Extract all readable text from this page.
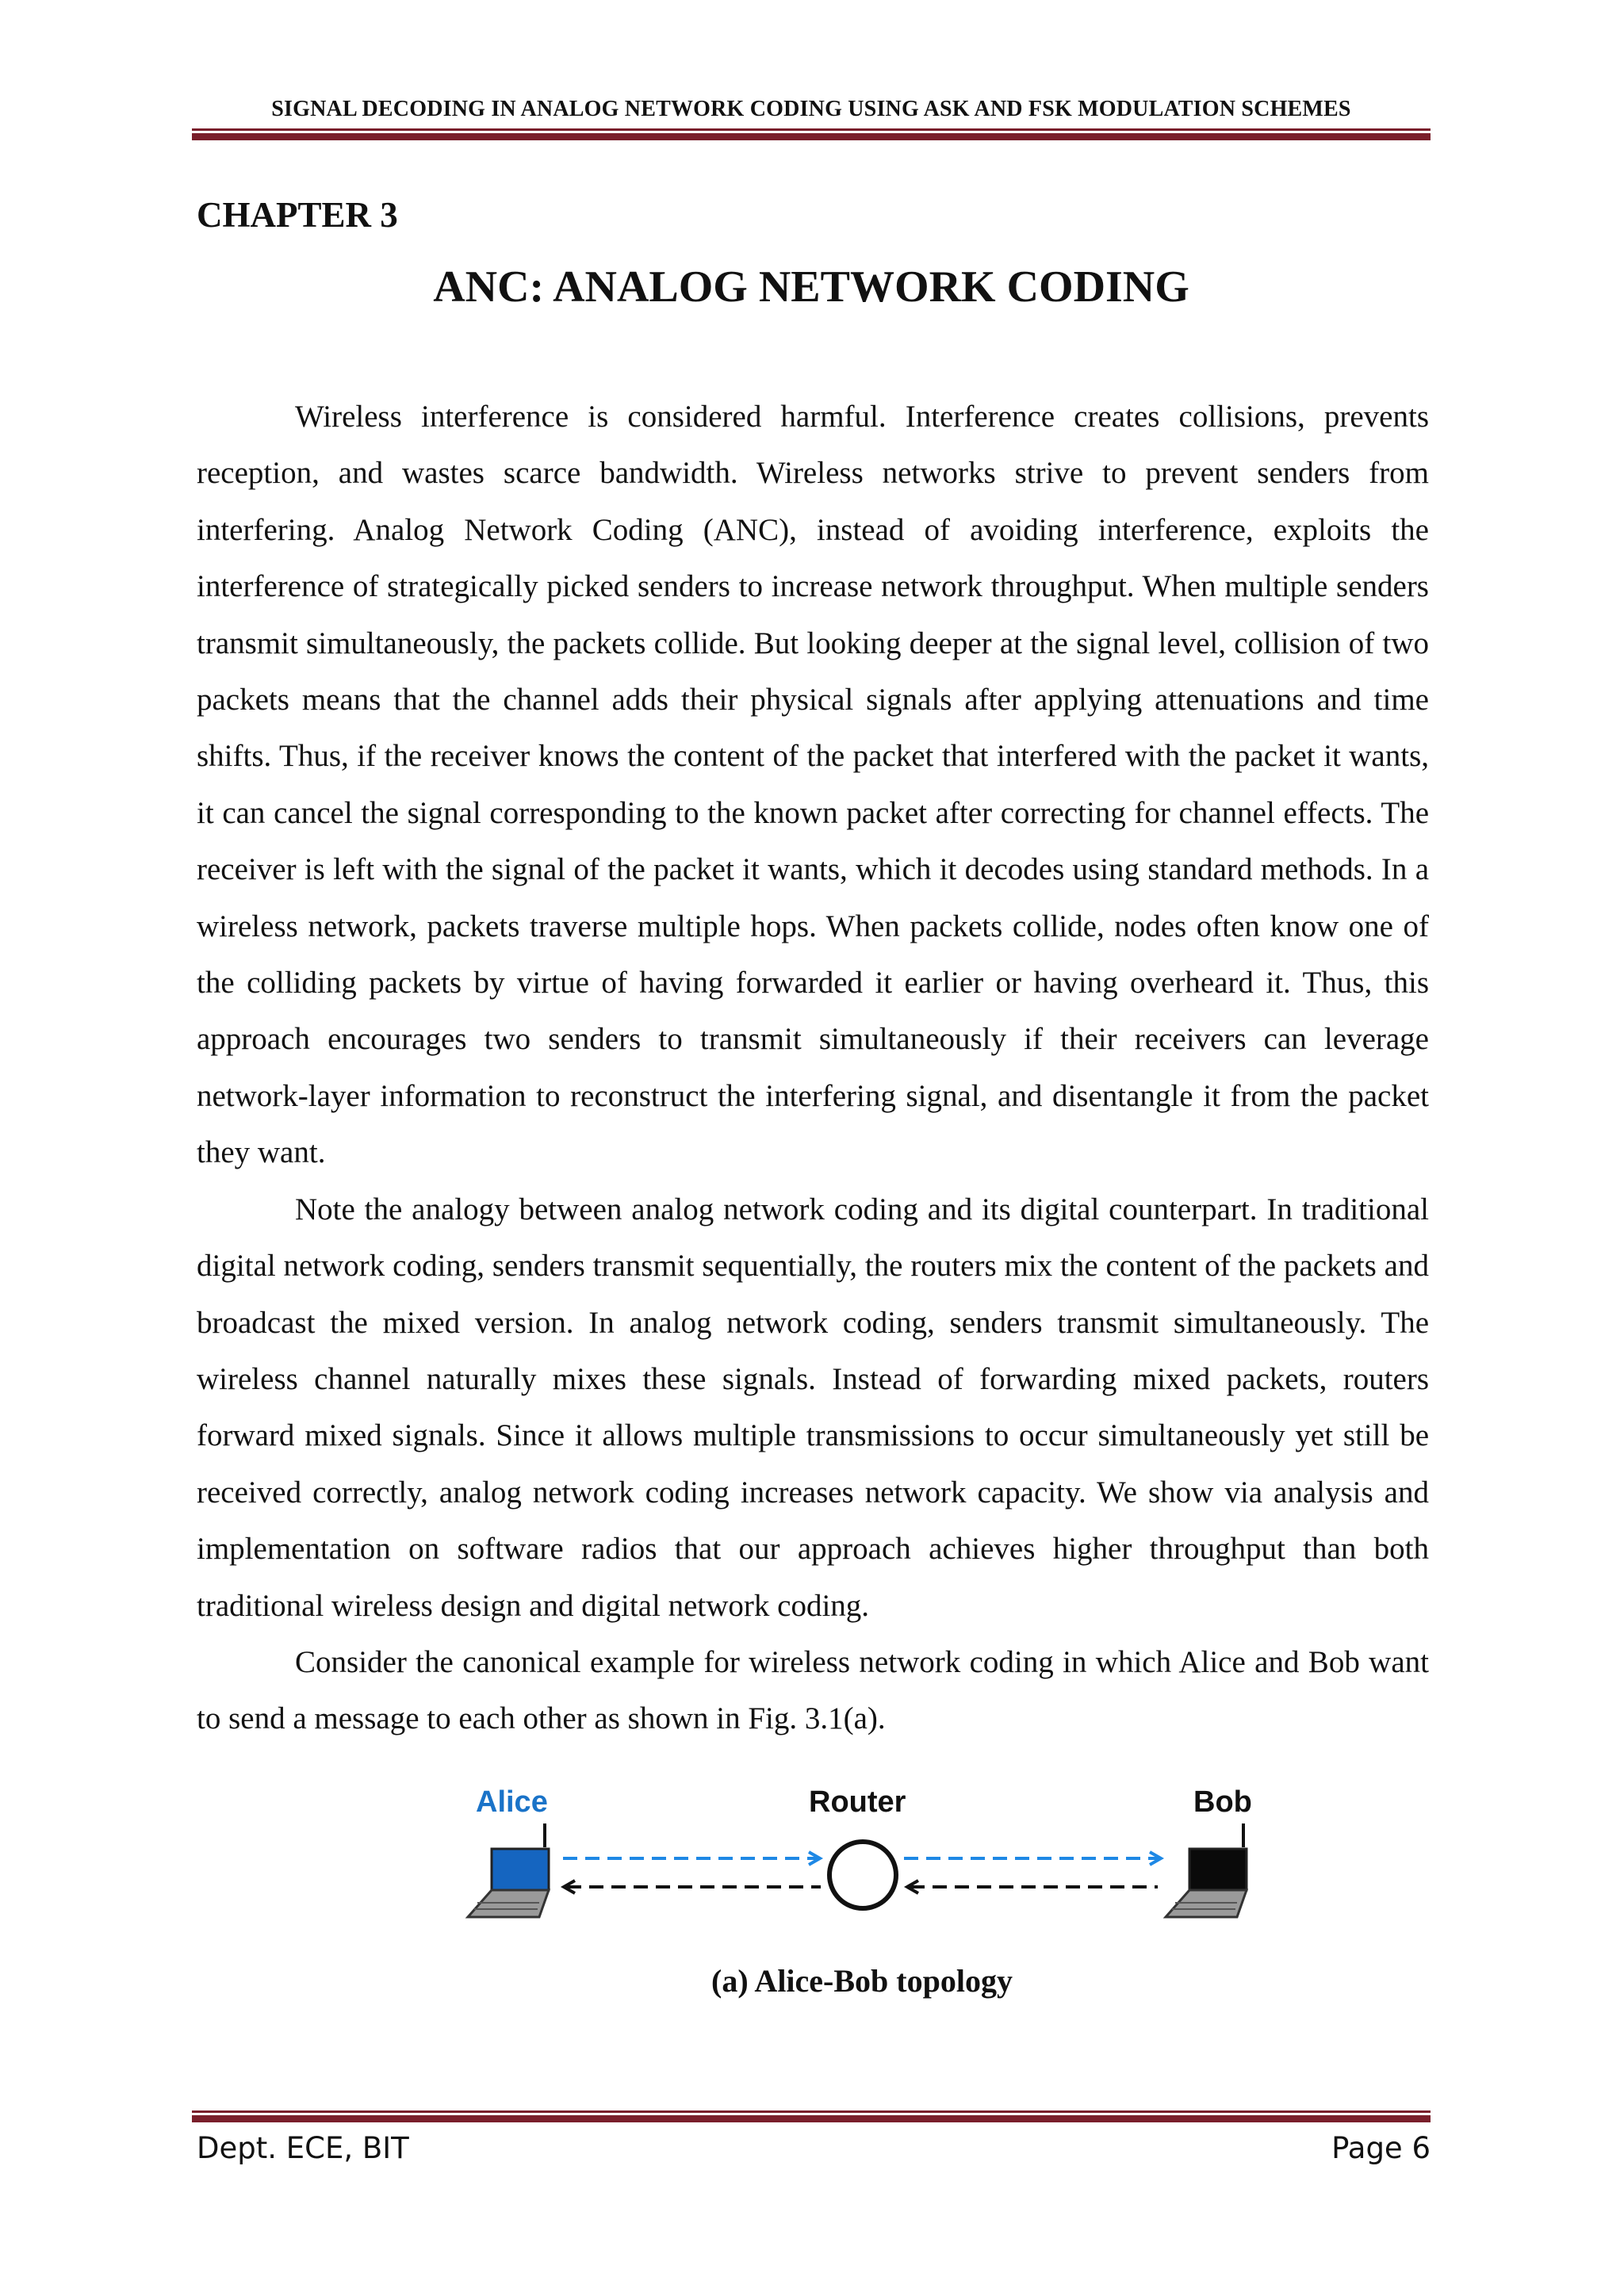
SIGNAL DECODING IN ANALOG NETWORK CODING USING ASK AND FSK MODULATION SCHEMES
CHAPTER 3
ANC: ANALOG NETWORK CODING

Wireless interference is considered harmful. Interference creates collisions, prevents reception, and wastes scarce bandwidth. Wireless networks strive to prevent senders from interfering. Analog Network Coding (ANC), instead of avoiding interference, exploits the interference of strategically picked senders to increase network throughput. When multiple senders transmit simultaneously, the packets collide. But looking deeper at the signal level, collision of two packets means that the channel adds their physical signals after applying attenuations and time shifts. Thus, if the receiver knows the content of the packet that interfered with the packet it wants, it can cancel the signal corresponding to the known packet after correcting for channel effects. The receiver is left with the signal of the packet it wants, which it decodes using standard methods. In a wireless network, packets traverse multiple hops. When packets collide, nodes often know one of the colliding packets by virtue of having forwarded it earlier or having overheard it. Thus, this approach encourages two senders to transmit simultaneously if their receivers can leverage network-layer information to reconstruct the interfering signal, and disentangle it from the packet they want.

Note the analogy between analog network coding and its digital counterpart. In traditional digital network coding, senders transmit sequentially, the routers mix the content of the packets and broadcast the mixed version. In analog network coding, senders transmit simultaneously. The wireless channel naturally mixes these signals. Instead of forwarding mixed packets, routers forward mixed signals. Since it allows multiple transmissions to occur simultaneously yet still be received correctly, analog network coding increases network capacity. We show via analysis and implementation on software radios that our approach achieves higher throughput than both traditional wireless design and digital network coding.

Consider the canonical example for wireless network coding in which Alice and Bob want to send a message to each other as shown in Fig. 3.1(a).

Alice	Router	Bob
(a) Alice-Bob topology
Dept. ECE, BIT	Page 6
